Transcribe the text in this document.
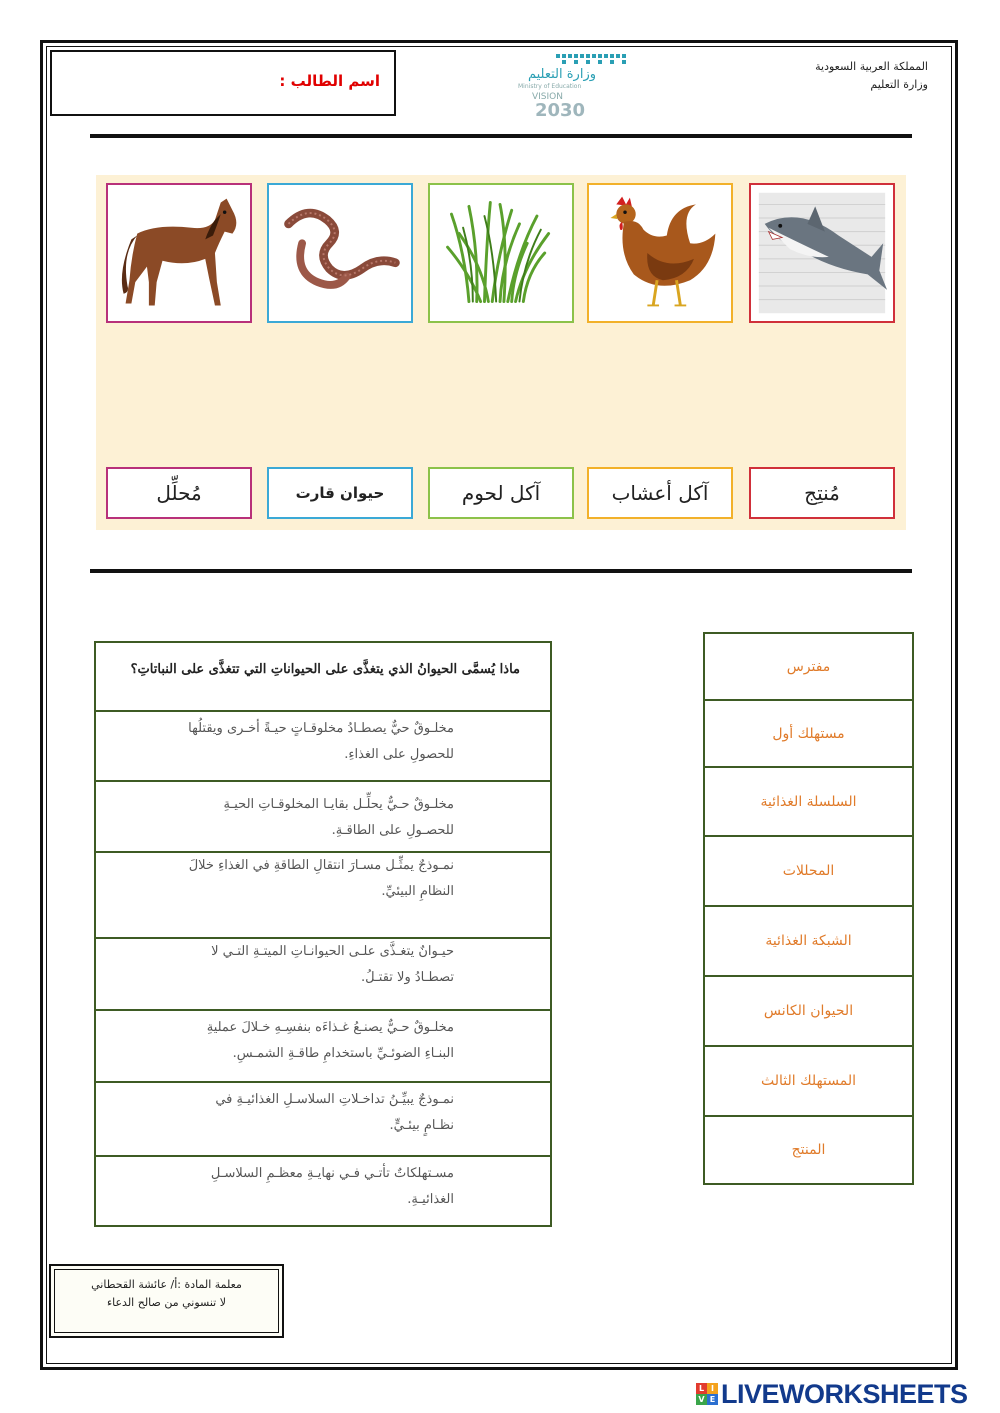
اسم الطالب :	وزارة التعليم
Ministry of Education
VISION
2030
المملكة العربية السعودية
وزارة التعليم
مُنتِج
آكل أعشاب
آكل لحوم
حيوان قارت
مُحلِّل
ماذا يُسمَّى الحيوانُ الذي يتغذَّى على الحيواناتِ التي تتغذَّى على النباتاتِ؟
مخلـوقٌ حيٌّ يصطـادُ مخلوقـاتٍ حيـةً أخـرى ويقتلُها للحصولِ على الغذاءِ.
مخلـوقٌ حـيٌّ يحلِّـل بقايـا المخلوقـاتِ الحيـةِ للحصـولِ على الطاقـةِ.
نمـوذجٌ يمثِّـل مسـارَ انتقالِ الطاقةِ في الغذاءِ خلالَ النظامِ البيئيِّ.
حيـوانٌ يتغـذَّى علـى الحيوانـاتِ الميتـةِ التـي لا تصطـادُ ولا تقتـلُ.
مخلـوقٌ حـيٌّ يصنـعُ غـذاءَه بنفسِـهِ خـلالَ عمليةِ البنـاءِ الضوئـيِّ باستخدامِ طاقـةِ الشمـسِ.
نمـوذجٌ يبيِّـنُ تداخـلاتِ السلاسـلِ الغذائيـةِ في نظـامٍ بيئـيٍّ.
مسـتهلكاتٌ تأتـي فـي نهايـةِ معظـمِ السلاسـلِ الغذائيـةِ.
مفترس
مستهلك أول
السلسلة الغذائية
المحللات
الشبكة الغذائية
الحيوان الكانس
المستهلك الثالث
المنتج
معلمة المادة :أ/ عائشة القحطاني
لا تنسوني من صالح الدعاء
L I
V E LIVEWORKSHEETS
